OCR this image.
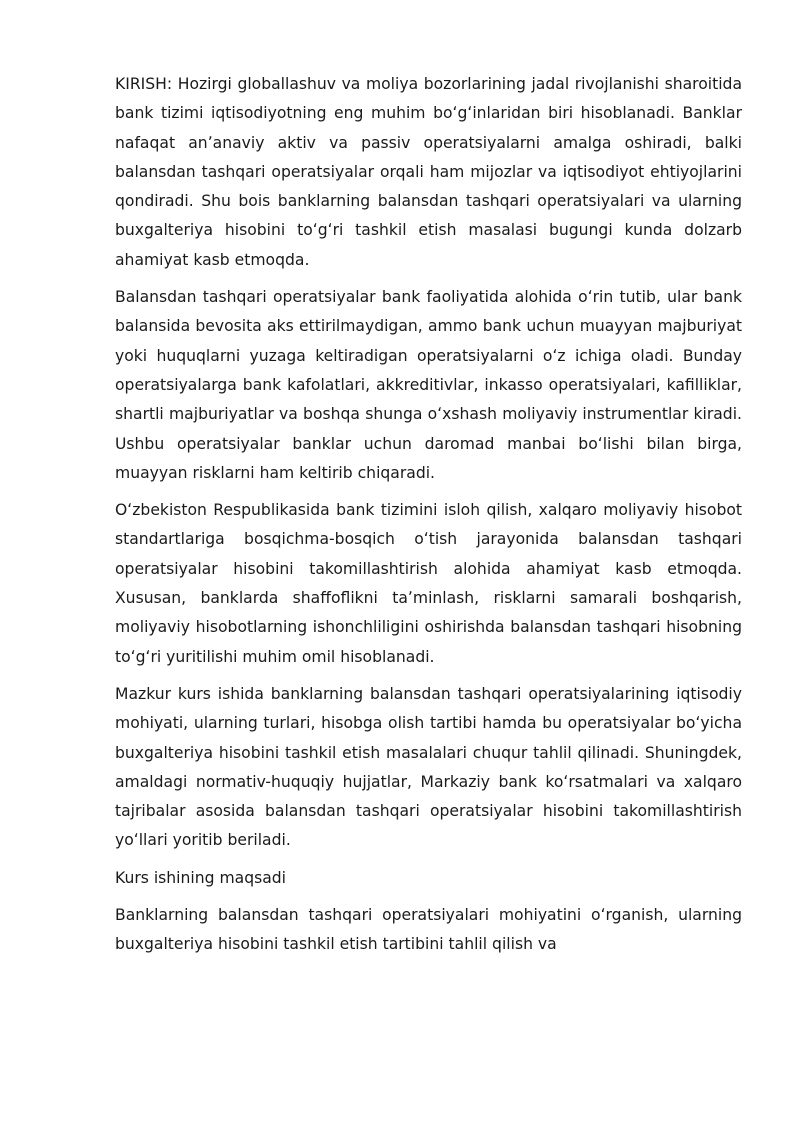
KIRISH: Hozirgi globallashuv va moliya bozorlarining jadal rivojlanishi sharoitida bank tizimi iqtisodiyotning eng muhim boʻgʻinlaridan biri hisoblanadi. Banklar nafaqat anʼanaviy aktiv va passiv operatsiyalarni amalga oshiradi, balki balansdan tashqari operatsiyalar orqali ham mijozlar va iqtisodiyot ehtiyojlarini qondiradi. Shu bois banklarning balansdan tashqari operatsiyalari va ularning buxgalteriya hisobini toʻgʻri tashkil etish masalasi bugungi kunda dolzarb ahamiyat kasb etmoqda.

Balansdan tashqari operatsiyalar bank faoliyatida alohida oʻrin tutib, ular bank balansida bevosita aks ettirilmaydigan, ammo bank uchun muayyan majburiyat yoki huquqlarni yuzaga keltiradigan operatsiyalarni oʻz ichiga oladi. Bunday operatsiyalarga bank kafolatlari, akkreditivlar, inkasso operatsiyalari, kafilliklar, shartli majburiyatlar va boshqa shunga oʻxshash moliyaviy instrumentlar kiradi. Ushbu operatsiyalar banklar uchun daromad manbai boʻlishi bilan birga, muayyan risklarni ham keltirib chiqaradi.

Oʻzbekiston Respublikasida bank tizimini isloh qilish, xalqaro moliyaviy hisobot standartlariga bosqichma-bosqich oʻtish jarayonida balansdan tashqari operatsiyalar hisobini takomillashtirish alohida ahamiyat kasb etmoqda. Xususan, banklarda shaffoflikni taʼminlash, risklarni samarali boshqarish, moliyaviy hisobotlarning ishonchliligini oshirishda balansdan tashqari hisobning toʻgʻri yuritilishi muhim omil hisoblanadi.

Mazkur kurs ishida banklarning balansdan tashqari operatsiyalarining iqtisodiy mohiyati, ularning turlari, hisobga olish tartibi hamda bu operatsiyalar boʻyicha buxgalteriya hisobini tashkil etish masalalari chuqur tahlil qilinadi. Shuningdek, amaldagi normativ-huquqiy hujjatlar, Markaziy bank koʻrsatmalari va xalqaro tajribalar asosida balansdan tashqari operatsiyalar hisobini takomillashtirish yoʻllari yoritib beriladi.

Kurs ishining maqsadi

Banklarning balansdan tashqari operatsiyalari mohiyatini oʻrganish, ularning buxgalteriya hisobini tashkil etish tartibini tahlil qilish va
